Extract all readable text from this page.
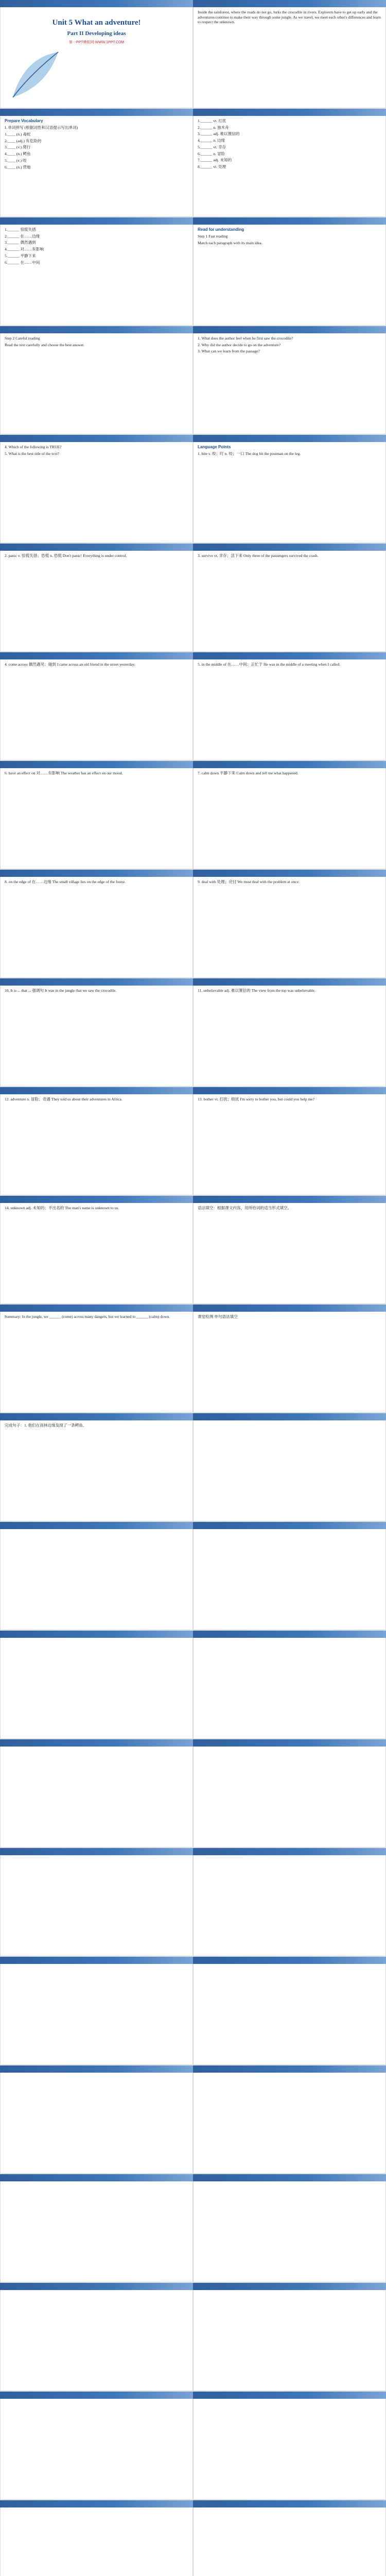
Unit 5 What an adventure!
Part II Developing ideas
第一PPT模板网-WWW.1PPT.COM

Inside the rainforest, where the roads do not go, lurks the crocodile in rivers. Explorers have to get up early and the adventures continue to make their way through some jungle. As we travel, we meet each other's differences and learn to respect the unknown.

Prepare Vocabulary

I. 单词拼写 (根据词性和汉语提示写出单词)

1.____ (n.) 毒蛇

2.____ (adj.) 有危险的

3.____ (v.) 爬行

4.____ (n.) 鳄鱼

5.____ (v.) 咬

6.____ (n.) 营地

1.______ vt. 打扰

2.______ n. 独木舟

3.______ adj. 难以置信的

4.______ n. 边缘

5.______ vt. 幸存

6.______ n. 冒险

7.______ adj. 未知的

8.______ vt. 处理

1.______ 惊慌失措

2.______ 在……边缘

3.______ 偶然遇到

4.______ 对……有影响

5.______ 平静下来

6.______ 在……中间

Read for understanding

Step 1 Fast reading

Match each paragraph with its main idea.

Step 2 Careful reading

Read the text carefully and choose the best answer.

1. What does the author feel when he first saw the crocodile?

2. Why did the author decide to go on the adventure?

3. What can we learn from the passage?

4. Which of the following is TRUE?

5. What is the best title of the text?

Language Points

1. bite v. 咬；叮 n. 咬；一口 The dog bit the postman on the leg.

2. panic v. 惊慌失措；恐慌 n. 恐慌 Don't panic! Everything is under control.	3. survive vt. 幸存；活下来 Only three of the passengers survived the crash.

4. come across 偶然遇见；碰到 I came across an old friend in the street yesterday.	5. in the middle of 在……中间；正忙于 He was in the middle of a meeting when I called.

6. have an effect on 对……有影响 The weather has an effect on our mood.	7. calm down 平静下来 Calm down and tell me what happened.

8. on the edge of 在……边缘 The small village lies on the edge of the forest.	9. deal with 处理；应付 We must deal with the problem at once.

10. It is ... that ... 强调句 It was in the jungle that we saw the crocodile.	11. unbelievable adj. 难以置信的 The view from the top was unbelievable.

12. adventure n. 冒险；奇遇 They told us about their adventures in Africa.	13. bother vt. 打扰；烦扰 I'm sorry to bother you, but could you help me?

14. unknown adj. 未知的；不出名的 The man's name is unknown to us.	语法填空：根据课文内容，用所给词的适当形式填空。

Summary: In the jungle, we ______ (come) across many dangers, but we learned to ______ (calm) down.	课堂检测 单句语法填空

完成句子：1. 他们在雨林边缘发现了一条鳄鱼。
